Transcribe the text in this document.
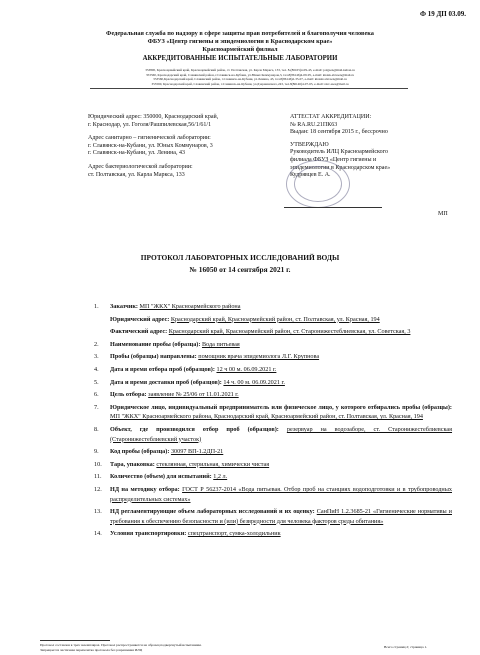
Ф 19 ДП 03.09.
Федеральная служба по надзору в сфере защиты прав потребителей и благополучия человека
ФБУЗ «Центр гигиены и эпидемиологии в Краснодарском крае»
Красноармейский филиал
АККРЕДИТОВАННЫЕ ИСПЫТАТЕЛЬНЫЕ ЛАБОРАТОРИИ
353800, Красноармейский край, Красноармейский район, ст. Полтавская, ул. Карла Маркса, 133, тел. 8-(86165)4-09-43, e-mail: polgsen@mail.kuban.ru
353560, Краснодарский край, Славянский район, г.Славянск-на-Кубани, ул.Юных Коммунаров,3, тел.8(86146)4-09-95, e-mail: kisiak-slavsen@mail.ru
353560,Краснодарский край, Славянский район, г.Славянск-на-Кубани, ул.Ленина, 43, тел.8(86146)2-35-07, e-mail: kisiakt-slavsen@mail.ru
353560, Краснодарский край, Славянский район, г.Славянск-на-Кубани, ул.Дзержинского,243, тел.8(86146)4-07-65, e-mail: slav-sses@mail.ru

Юридический адрес: 350000, Краснодарский край,
г. Краснодар, ул. Гоголя/Рашпилевская,56/1/61/1

Адрес санитарно – гигиенической лаборатории:
г. Славянск-на-Кубани, ул. Юных Коммунаров, 3
г. Славянск-на-Кубани, ул. Ленина, 43

Адрес бактериологической лаборатории:
ст. Полтавская, ул. Карла Маркса, 133

АТТЕСТАТ АККРЕДИТАЦИИ:
№ RA.RU.21ПК63
Выдан: 18 сентября 2015 г., бессрочно
УТВЕРЖДАЮ
Руководитель ИЛЦ Красноармейского
филиала ФБУЗ «Центр гигиены и
эпидемиологии в Краснодарском крае»
Кудрявцев Е. А.
МП
ПРОТОКОЛ ЛАБОРАТОРНЫХ ИССЛЕДОВАНИЙ ВОДЫ
№ 16050 от 14 сентября 2021 г.
1. Заказчик: МП "ЖКХ" Красноармейского района
Юридический адрес: Краснодарский край, Красноармейский район, ст. Полтавская, ул. Красная, 194
Фактический адрес: Краснодарский край, Красноармейский район, ст. Старонижестеблиевская, ул. Советская, 3
2. Наименование пробы (образца): Вода питьевая
3. Пробы (образцы) направлены: помощник врача эпидемиолога Л.Г. Крупнова
4. Дата и время отбора проб (образцов): 12 ч 00 м. 06.09.2021 г.
5. Дата и время доставки проб (образцов): 14 ч. 00 м. 06.09.2021 г.
6. Цель отбора: заявление № 25/06 от 11.01.2021 г.
7. Юридическое лицо, индивидуальный предприниматель или физическое лицо, у которого отбирались пробы (образцы): МП "ЖКХ" Красноармейского района, Краснодарский край, Красноармейский район, ст. Полтавская, ул. Красная, 194
8. Объект, где производился отбор проб (образцов): резервуар на водозаборе, ст. Старонижестеблиевская (Старонижестеблиевский участок)
9. Код пробы (образца): 30097 ВП-1.2ДП-21
10. Тара, упаковка: стеклянная, стерильная, химически чистая
11. Количество (объем) для испытаний: 1,2 л.
12. НД на методику отбора: ГОСТ Р 56237-2014 «Вода питьевая. Отбор проб на станциях водоподготовки и в трубопроводных распределительных системах»
13. НД регламентирующие объем лабораторных исследований и их оценку: СанПиН 1.2.3685-21 «Гигиенические нормативы и требования к обеспечению безопасности и (или) безвредности для человека факторов среды обитания»
14. Условия транспортировки: спецтранспорт, сумка-холодильник
Протокол составлен в трех экземплярах. Протокол распространяется на образец подвергнутый испытаниям.
Запрещается частичная перепечатка протокола без разрешения ИЛЦ
Всего страниц 2; страница 1.
